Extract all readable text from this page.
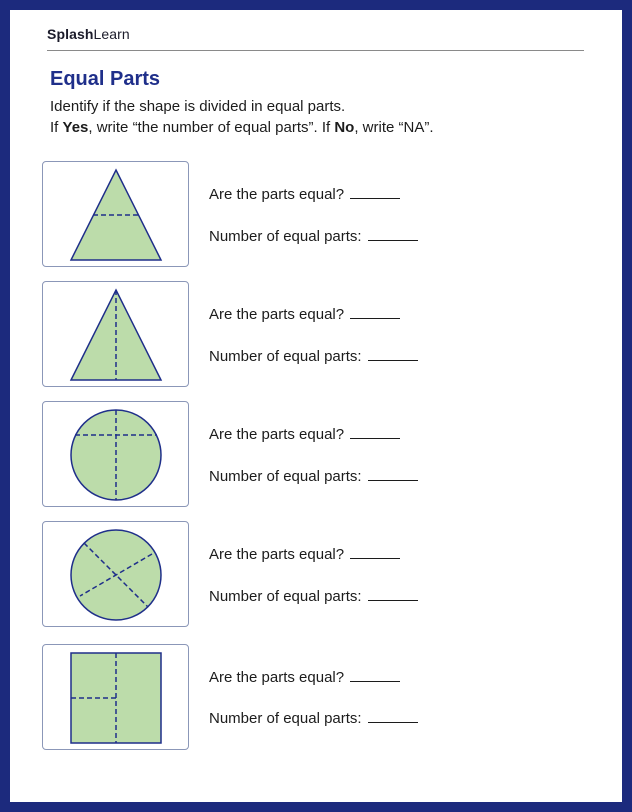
SplashLearn
Equal Parts
Identify if the shape is divided in equal parts.
If Yes, write “the number of equal parts”. If No, write “NA”.
Are the parts equal?
Number of equal parts:
Are the parts equal?
Number of equal parts:
Are the parts equal?
Number of equal parts:
Are the parts equal?
Number of equal parts:
Are the parts equal?
Number of equal parts:
